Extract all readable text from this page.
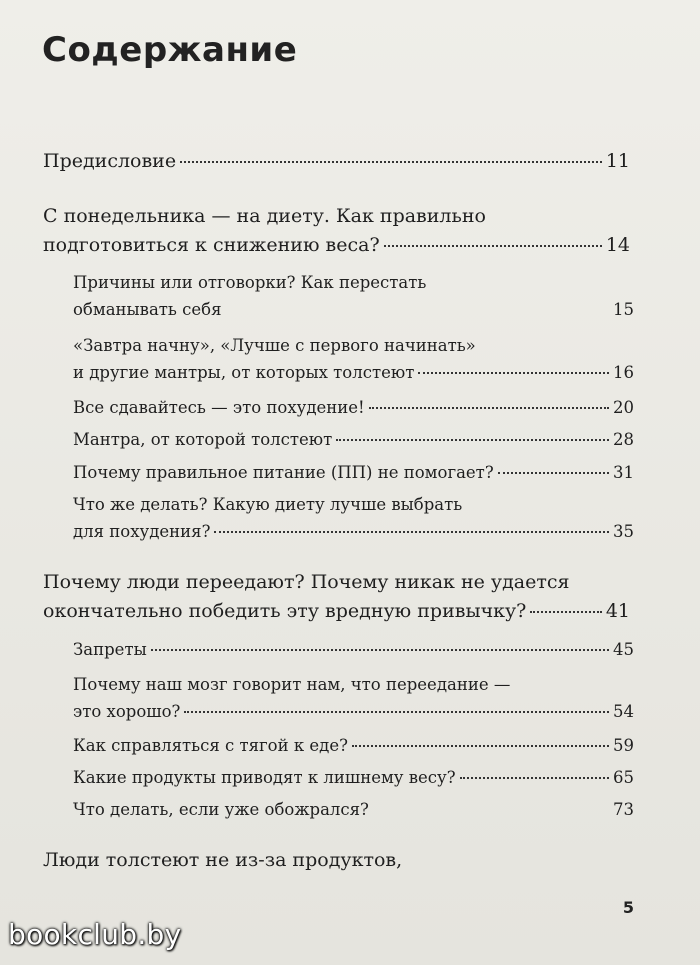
Содержание
Предисловие	11
С понедельника — на диету. Как правильно
подготовиться к снижению веса?	14
Причины или отговорки? Как перестать
обманывать себя	15
«Завтра начну», «Лучше с первого начинать»
и другие мантры, от которых толстеют	16
Все сдавайтесь — это похудение!	20
Мантра, от которой толстеют	28
Почему правильное питание (ПП) не помогает?	31
Что же делать? Какую диету лучше выбрать
для похудения?	35
Почему люди переедают? Почему никак не удается
окончательно победить эту вредную привычку?	41
Запреты	45
Почему наш мозг говорит нам, что переедание —
это хорошо?	54
Как справляться с тягой к еде?	59
Какие продукты приводят к лишнему весу?	65
Что делать, если уже обожрался?	73
Люди толстеют не из-за продуктов,
5
bookclub.by
